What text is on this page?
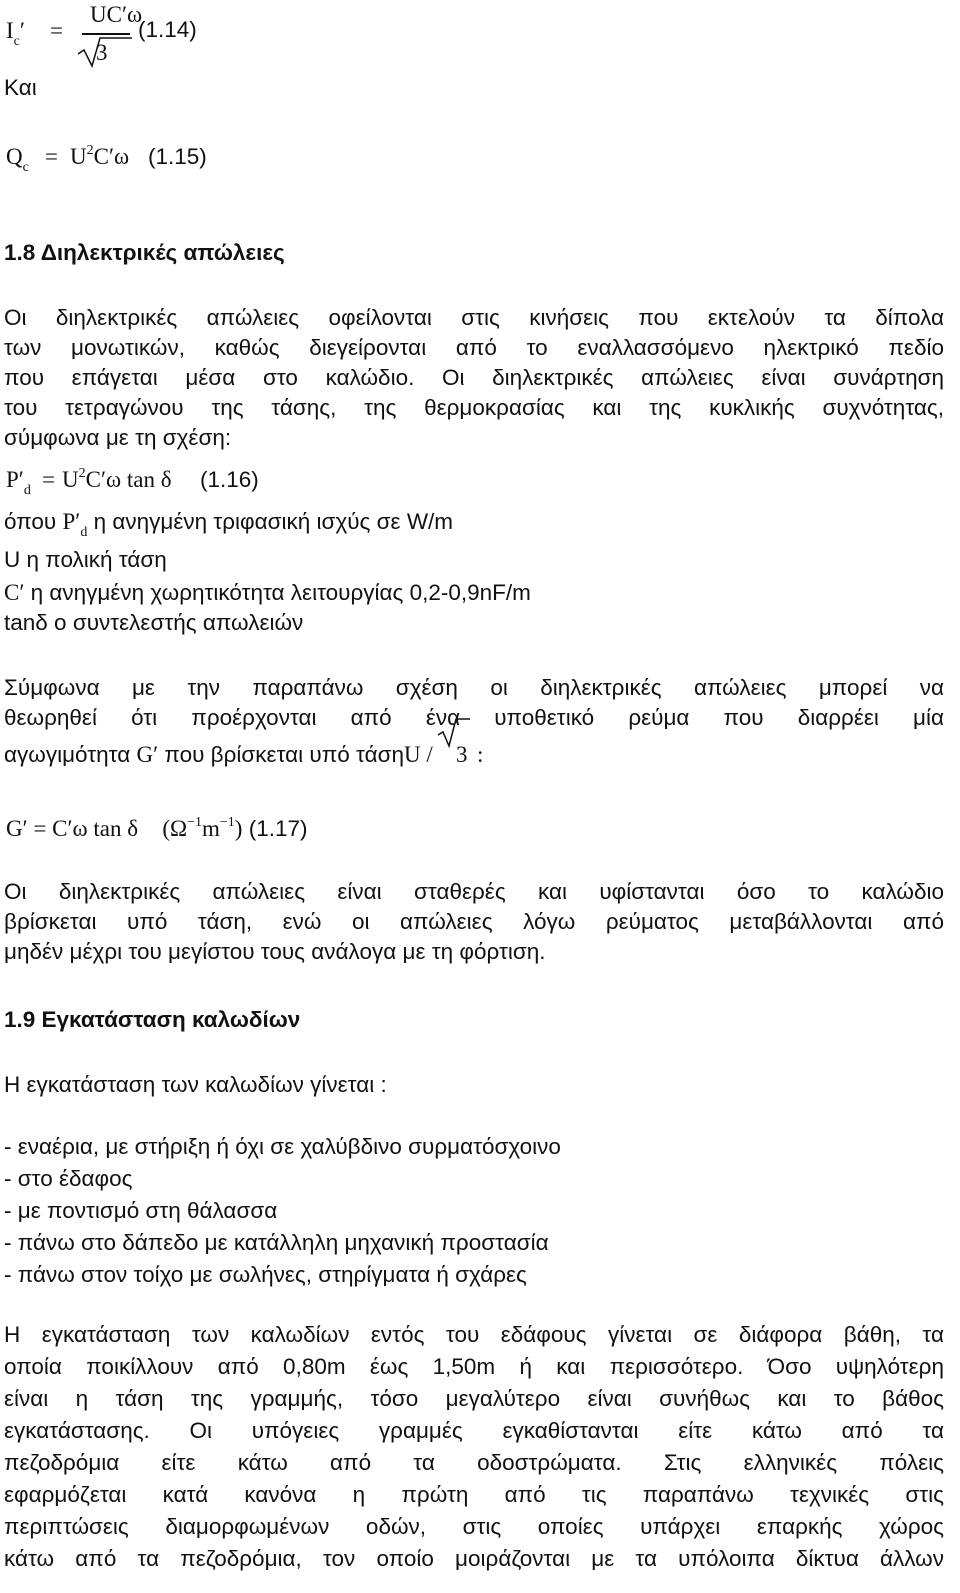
$I_c'$ =
UC′ω
3
(1.14)
Και
$Q_c = U^2C'\omega$ (1.15)
1.8 Διηλεκτρικές απώλειες
Οι διηλεκτρικές απώλειες οφείλονται στις κινήσεις που εκτελούν τα δίπολα
των μονωτικών, καθώς διεγείρονται από το εναλλασσόμενο ηλεκτρικό πεδίο
που επάγεται μέσα στο καλώδιο. Οι διηλεκτρικές απώλειες είναι συνάρτηση
του τετραγώνου της τάσης, της θερμοκρασίας και της κυκλικής συχνότητας,
σύμφωνα με τη σχέση:
$P'_d = U^2C'\omega$ tan δ (1.16)
όπου $P'_d$ η ανηγμένη τριφασική ισχύς σε W/m
U η πολική τάση
C′ η ανηγμένη χωρητικότητα λειτουργίας 0,2-0,9nF/m
tanδ ο συντελεστής απωλειών
Σύμφωνα με την παραπάνω σχέση οι διηλεκτρικές απώλειες μπορεί να
θεωρηθεί ότι προέρχονται από ένα υποθετικό ρεύμα που διαρρέει μία
αγωγιμότητα G′ που βρίσκεται υπό τάσηU / 3 :
G′ = C′ω tan δ $(\Omega^{-1}m^{-1})$ (1.17)
Οι διηλεκτρικές απώλειες είναι σταθερές και υφίστανται όσο το καλώδιο
βρίσκεται υπό τάση, ενώ οι απώλειες λόγω ρεύματος μεταβάλλονται από
μηδέν μέχρι του μεγίστου τους ανάλογα με τη φόρτιση.
1.9 Εγκατάσταση καλωδίων
Η εγκατάσταση των καλωδίων γίνεται :
- εναέρια, με στήριξη ή όχι σε χαλύβδινο συρματόσχοινο
- στο έδαφος
- με ποντισμό στη θάλασσα
- πάνω στο δάπεδο με κατάλληλη μηχανική προστασία
- πάνω στον τοίχο με σωλήνες, στηρίγματα ή σχάρες
Η εγκατάσταση των καλωδίων εντός του εδάφους γίνεται σε διάφορα βάθη, τα
οποία ποικίλλουν από 0,80m έως 1,50m ή και περισσότερο. Όσο υψηλότερη
είναι η τάση της γραμμής, τόσο μεγαλύτερο είναι συνήθως και το βάθος
εγκατάστασης. Οι υπόγειες γραμμές εγκαθίστανται είτε κάτω από τα
πεζοδρόμια είτε κάτω από τα οδοστρώματα. Στις ελληνικές πόλεις
εφαρμόζεται κατά κανόνα η πρώτη από τις παραπάνω τεχνικές στις
περιπτώσεις διαμορφωμένων οδών, στις οποίες υπάρχει επαρκής χώρος
κάτω από τα πεζοδρόμια, τον οποίο μοιράζονται με τα υπόλοιπα δίκτυα άλλων
